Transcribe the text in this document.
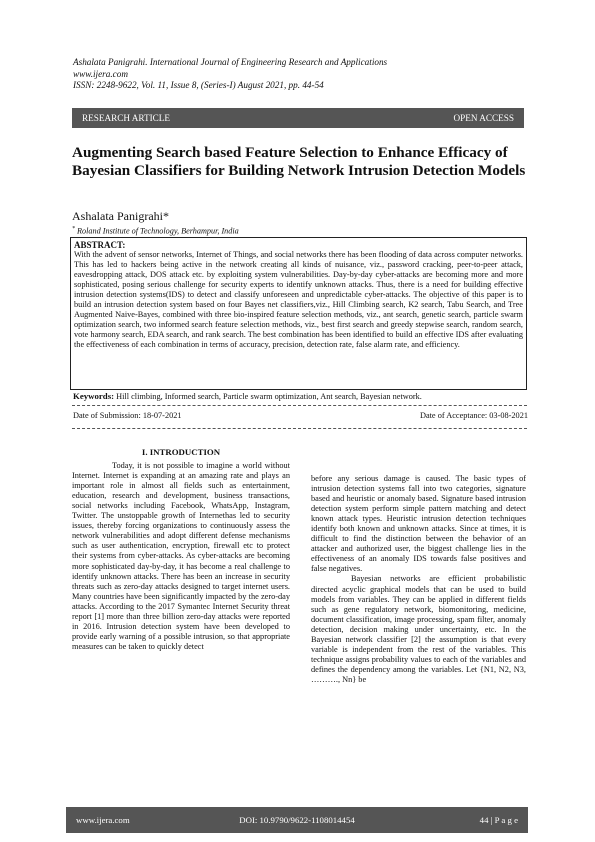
Ashalata Panigrahi. International Journal of Engineering Research and Applications
www.ijera.com
ISSN: 2248-9622, Vol. 11, Issue 8, (Series-I) August 2021, pp. 44-54
RESEARCH ARTICLE	OPEN ACCESS
Augmenting Search based Feature Selection to Enhance Efficacy of Bayesian Classifiers for Building Network Intrusion Detection Models
Ashalata Panigrahi*
* Roland Institute of Technology, Berhampur, India
ABSTRACT:
With the advent of sensor networks, Internet of Things, and social networks there has been flooding of data across computer networks. This has led to hackers being active in the network creating all kinds of nuisance, viz., password cracking, peer-to-peer attack, eavesdropping attack, DOS attack etc. by exploiting system vulnerabilities. Day-by-day cyber-attacks are becoming more and more sophisticated, posing serious challenge for security experts to identify unknown attacks. Thus, there is a need for building effective intrusion detection systems(IDS) to detect and classify unforeseen and unpredictable cyber-attacks. The objective of this paper is to build an intrusion detection system based on four Bayes net classifiers,viz., Hill Climbing search, K2 search, Tabu Search, and Tree Augmented Naive-Bayes, combined with three bio-inspired feature selection methods, viz., ant search, genetic search, particle swarm optimization search, two informed search feature selection methods, viz., best first search and greedy stepwise search, random search, vote harmony search, EDA search, and rank search. The best combination has been identified to build an effective IDS after evaluating the effectiveness of each combination in terms of accuracy, precision, detection rate, false alarm rate, and efficiency.
Keywords: Hill climbing, Informed search, Particle swarm optimization, Ant search, Bayesian network.
Date of Submission: 18-07-2021	Date of Acceptance: 03-08-2021
I. INTRODUCTION

Today, it is not possible to imagine a world without Internet. Internet is expanding at an amazing rate and plays an important role in almost all fields such as entertainment, education, research and development, business transactions, social networks including Facebook, WhatsApp, Instagram, Twitter. The unstoppable growth of Internethas led to security issues, thereby forcing organizations to continuously assess the network vulnerabilities and adopt different defense mechanisms such as user authentication, encryption, firewall etc to protect their systems from cyber-attacks. As cyber-attacks are becoming more sophisticated day-by-day, it has become a real challenge to identify unknown attacks. There has been an increase in security threats such as zero-day attacks designed to target internet users. Many countries have been significantly impacted by the zero-day attacks. According to the 2017 Symantec Internet Security threat report [1] more than three billion zero-day attacks were reported in 2016. Intrusion detection system have been developed to provide early warning of a possible intrusion, so that appropriate measures can be taken to quickly detect

before any serious damage is caused. The basic types of intrusion detection systems fall into two categories, signature based and heuristic or anomaly based. Signature based intrusion detection system perform simple pattern matching and detect known attack types. Heuristic intrusion detection techniques identify both known and unknown attacks. Since at times, it is difficult to find the distinction between the behavior of an attacker and authorized user, the biggest challenge lies in the effectiveness of an anomaly IDS towards false positives and false negatives.

Bayesian networks are efficient probabilistic directed acyclic graphical models that can be used to build models from variables. They can be applied in different fields such as gene regulatory network, biomonitoring, medicine, document classification, image processing, spam filter, anomaly detection, decision making under uncertainty, etc. In the Bayesian network classifier [2] the assumption is that every variable is independent from the rest of the variables. This technique assigns probability values to each of the variables and defines the dependency among the variables. Let {N1, N2, N3, ………., Nn} be

www.ijera.com	DOI: 10.9790/9622-1108014454	44 | P a g e
